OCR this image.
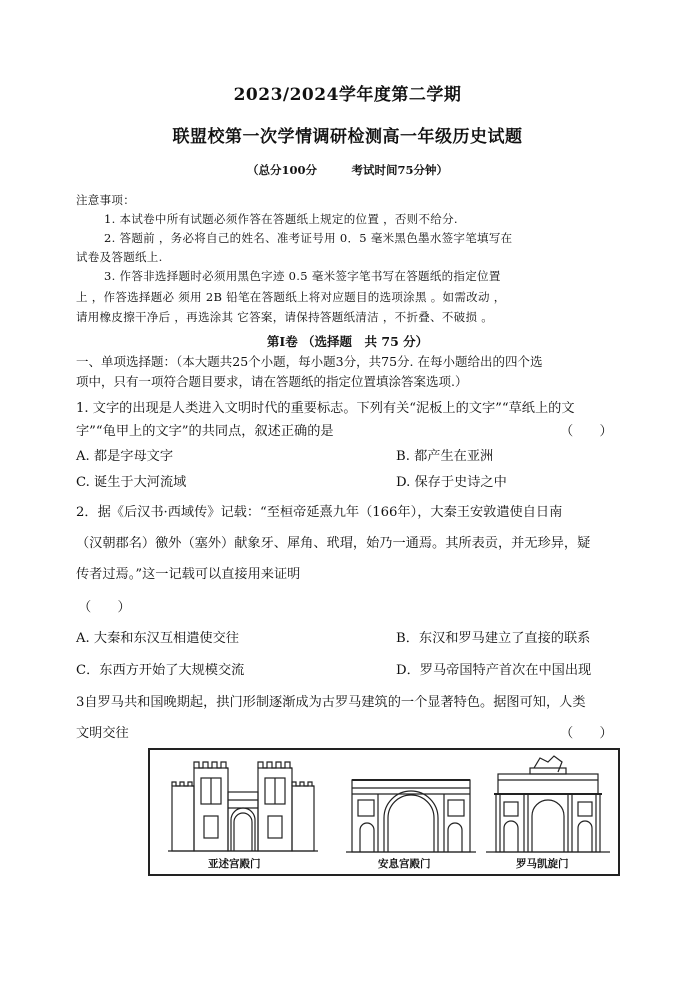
2023/2024学年度第二学期
联盟校第一次学情调研检测高一年级历史试题
（总分100分　　　考试时间75分钟）
注意事项：
1. 本试卷中所有试题必须作答在答题纸上规定的位置 ，否则不给分.
2. 答题前 ，务必将自己的姓名、准考证号用 0．5 毫米黑色墨水签字笔填写在
试卷及答题纸上.
3. 作答非选择题时必须用黑色字迹 0.5 毫米签字笔书写在答题纸的指定位置
上 ，作答选择题必 须用 2B 铅笔在答题纸上将对应题目的选项涂黑 。如需改动 ，
请用橡皮擦干净后 ，再选涂其 它答案，请保持答题纸清洁 ，不折叠、不破损 。
第Ⅰ卷 （选择题　共 75 分）
一、单项选择题：（本大题共25个小题，每小题3分，共75分. 在每小题给出的四个选
项中，只有一项符合题目要求，请在答题纸的指定位置填涂答案选项.）
1. 文字的出现是人类进入文明时代的重要标志。下列有关“泥板上的文字”“草纸上的文
字”“龟甲上的文字”的共同点，叙述正确的是	（　　）
A. 都是字母文字	B. 都产生在亚洲
C. 诞生于大河流域	D. 保存于史诗之中
2．据《后汉书·西域传》记载：“至桓帝延熹九年（166年），大秦王安敦遣使自日南
（汉朝郡名）徼外（塞外）献象牙、犀角、玳瑁，始乃一通焉。其所表贡，并无珍异，疑
传者过焉。”这一记载可以直接用来证明
（　　）
A. 大秦和东汉互相遣使交往	B．东汉和罗马建立了直接的联系
C．东西方开始了大规模交流	D．罗马帝国特产首次在中国出现
3自罗马共和国晚期起，拱门形制逐渐成为古罗马建筑的一个显著特色。据图可知，人类
文明交往	（　　）
亚述宫殿门	安息宫殿门	罗马凯旋门
